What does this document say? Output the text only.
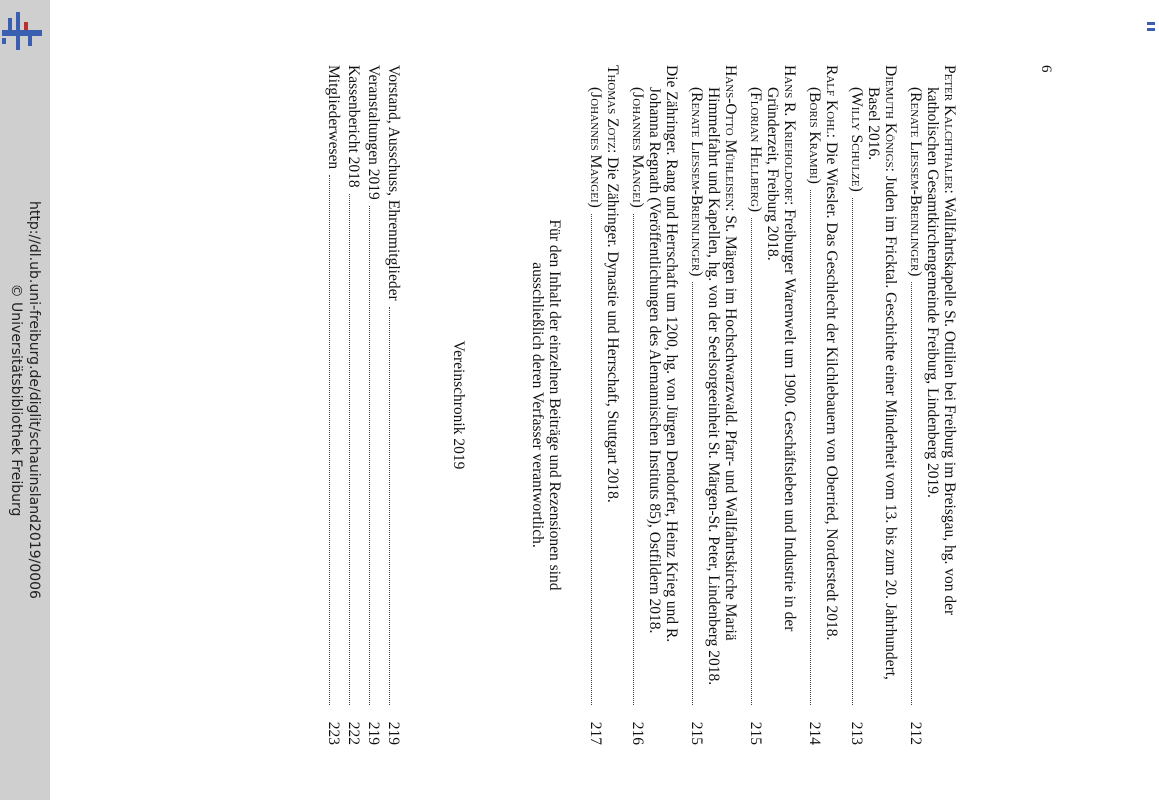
http://dl.ub.uni-freiburg.de/diglit/schauinsland2019/0006
© Universitätsbibliothek Freiburg
6
Peter Kalchthaler: Wallfahrtskapelle St. Ottilien bei Freiburg im Breisgau, hg. von der katholischen Gesamtkirchengemeinde Freiburg, Lindenberg 2019.
(Renate Liessem-Breinlinger)
212
Diemuth Königs: Juden im Fricktal. Geschichte einer Minderheit vom 13. bis zum 20. Jahrhundert, Basel 2016.
(Willy Schulze)
213
Ralf Kohl: Die Wiesler. Das Geschlecht der Kilchlebauern von Oberried, Norderstedt 2018.
(Boris Krambi)
214
Hans R. Krieholdorf: Freiburger Warenwelt um 1900. Geschäftsleben und Industrie in der Gründerzeit, Freiburg 2018.
(Florian Hellberg)
215
Hans-Otto Mühleisen: St. Märgen im Hochschwarzwald. Pfarr- und Wallfahrtskirche Mariä Himmelfahrt und Kapellen, hg. von der Seelsorgeeinheit St. Märgen-St. Peter, Lindenberg 2018.
(Renate Liessem-Breinlinger)
215
Die Zähringer. Rang und Herrschaft um 1200, hg. von Jürgen Dendorfer, Heinz Krieg und R. Johanna Regnath (Veröffentlichungen des Alemannischen Instituts 85), Ostfildern 2018.
(Johannes Mangei)
216
Thomas Zotz: Die Zähringer. Dynastie und Herrschaft, Stuttgart 2018.
(Johannes Mangei)
217
Für den Inhalt der einzelnen Beiträge und Rezensionen sind
ausschließlich deren Verfasser verantwortlich.
Vereinschronik 2019
Vorstand, Ausschuss, Ehrenmitglieder
219
Veranstaltungen 2019
219
Kassenbericht 2018
222
Mitgliederwesen
223
